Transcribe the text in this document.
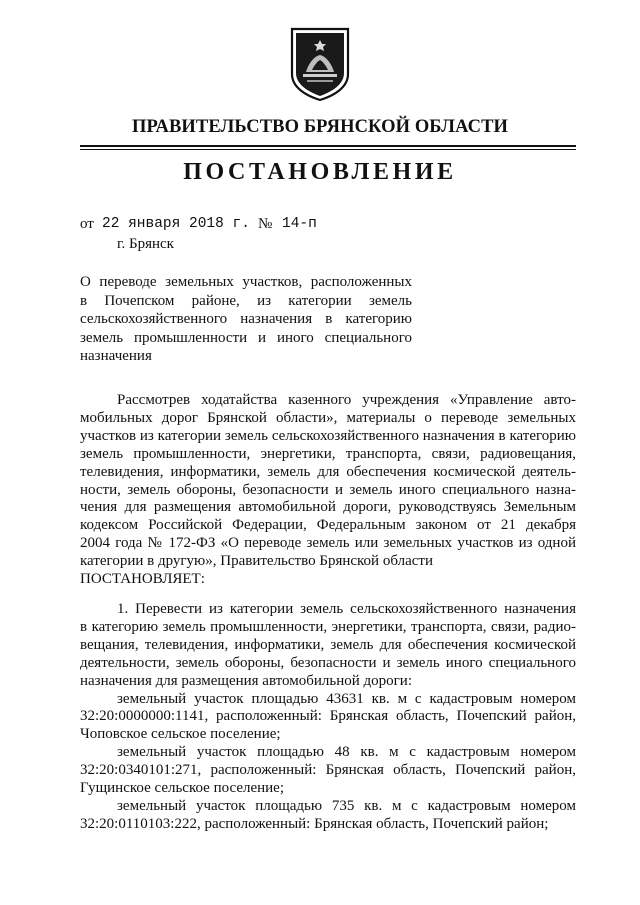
ПРАВИТЕЛЬСТВО БРЯНСКОЙ ОБЛАСТИ
ПОСТАНОВЛЕНИЕ
от 22 января 2018 г. № 14-п
г. Брянск
О переводе земельных участков, расположенных
в Почепском районе, из категории земель
сельскохозяйственного назначения в категорию
земель промышленности и иного специального
назначения
Рассмотрев ходатайства казенного учреждения «Управление авто-
мобильных дорог Брянской области», материалы о переводе земельных
участков из категории земель сельскохозяйственного назначения в категорию
земель промышленности, энергетики, транспорта, связи, радиовещания,
телевидения, информатики, земель для обеспечения космической деятель-
ности, земель обороны, безопасности и земель иного специального назна-
чения для размещения автомобильной дороги, руководствуясь Земельным
кодексом Российской Федерации, Федеральным законом от 21 декабря
2004 года № 172-ФЗ «О переводе земель или земельных участков из одной
категории в другую», Правительство Брянской области
ПОСТАНОВЛЯЕТ:
1. Перевести из категории земель сельскохозяйственного назначения
в категорию земель промышленности, энергетики, транспорта, связи, радио-
вещания, телевидения, информатики, земель для обеспечения космической
деятельности, земель обороны, безопасности и земель иного специального
назначения для размещения автомобильной дороги:
земельный участок площадью 43631 кв. м с кадастровым номером
32:20:0000000:1141, расположенный: Брянская область, Почепский район,
Чоповское сельское поселение;
земельный участок площадью 48 кв. м с кадастровым номером
32:20:0340101:271, расположенный: Брянская область, Почепский район,
Гущинское сельское поселение;
земельный участок площадью 735 кв. м с кадастровым номером
32:20:0110103:222, расположенный: Брянская область, Почепский район;
